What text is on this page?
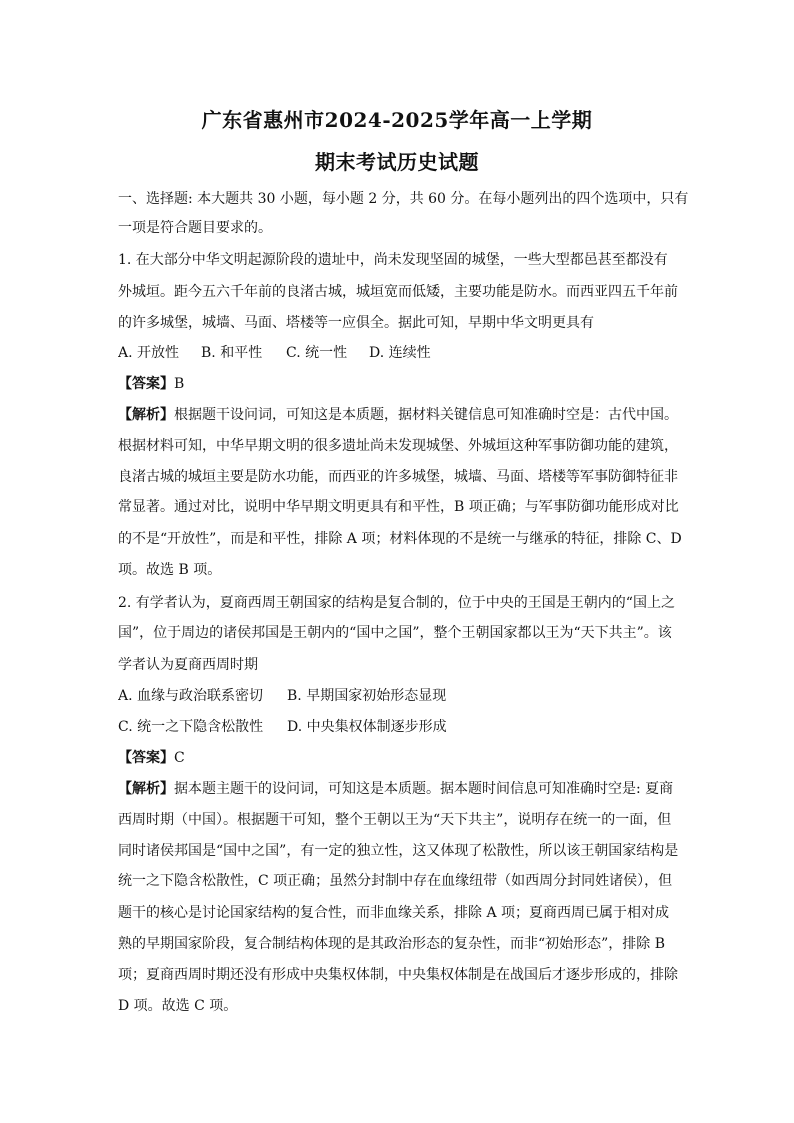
广东省惠州市2024-2025学年高一上学期
期末考试历史试题
一、选择题: 本大题共 30 小题，每小题 2 分，共 60 分。在每小题列出的四个选项中，只有
一项是符合题目要求的。
1. 在大部分中华文明起源阶段的遗址中，尚未发现坚固的城堡，一些大型都邑甚至都没有
外城垣。距今五六千年前的良渚古城，城垣宽而低矮，主要功能是防水。而西亚四五千年前
的许多城堡，城墙、马面、塔楼等一应俱全。据此可知，早期中华文明更具有
A. 开放性 B. 和平性 C. 统一性 D. 连续性
【答案】B
【解析】根据题干设问词，可知这是本质题，据材料关键信息可知准确时空是：古代中国。
根据材料可知，中华早期文明的很多遗址尚未发现城堡、外城垣这种军事防御功能的建筑，
良渚古城的城垣主要是防水功能，而西亚的许多城堡，城墙、马面、塔楼等军事防御特征非
常显著。通过对比，说明中华早期文明更具有和平性，B 项正确；与军事防御功能形成对比
的不是“开放性”，而是和平性，排除 A 项；材料体现的不是统一与继承的特征，排除 C、D
项。故选 B 项。
2. 有学者认为，夏商西周王朝国家的结构是复合制的，位于中央的王国是王朝内的“国上之
国”，位于周边的诸侯邦国是王朝内的“国中之国”，整个王朝国家都以王为“天下共主”。该
学者认为夏商西周时期
A. 血缘与政治联系密切 B. 早期国家初始形态显现
C. 统一之下隐含松散性 D. 中央集权体制逐步形成
【答案】C
【解析】据本题主题干的设问词，可知这是本质题。据本题时间信息可知准确时空是: 夏商
西周时期（中国）。根据题干可知，整个王朝以王为“天下共主”，说明存在统一的一面，但
同时诸侯邦国是“国中之国”，有一定的独立性，这又体现了松散性，所以该王朝国家结构是
统一之下隐含松散性，C 项正确；虽然分封制中存在血缘纽带（如西周分封同姓诸侯），但
题干的核心是讨论国家结构的复合性，而非血缘关系，排除 A 项；夏商西周已属于相对成
熟的早期国家阶段，复合制结构体现的是其政治形态的复杂性，而非“初始形态”，排除 B
项；夏商西周时期还没有形成中央集权体制，中央集权体制是在战国后才逐步形成的，排除
D 项。故选 C 项。
